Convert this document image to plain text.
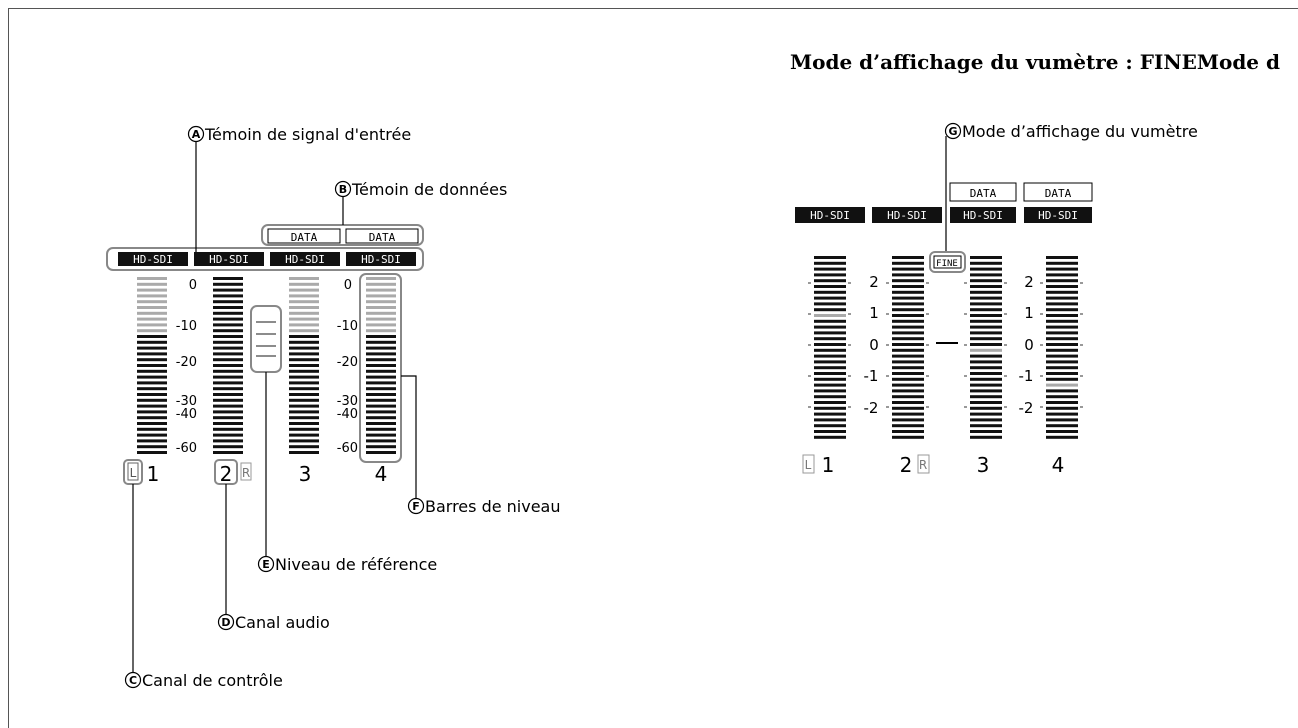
Mode d’affichage du vumètre : FINEMode d
HD-SDI	HD-SDI	HD-SDI	HD-SDI
DATA	DATA
0
-10
-20
-30
-40
-60
0
-10
-20
-30
-40
-60
L 1	2 R 3	4
A Témoin de signal d'entrée
B Témoin de données
C Canal de contrôle
D Canal audio
E Niveau de référence
F Barres de niveau
G Mode d’affichage du vumètre
DATA	DATA
HD-SDI	HD-SDI	HD-SDI	HD-SDI
FINE
2
1
0
-1
-2
2
1
0
-1
-2
L 1	2 R 3	4
